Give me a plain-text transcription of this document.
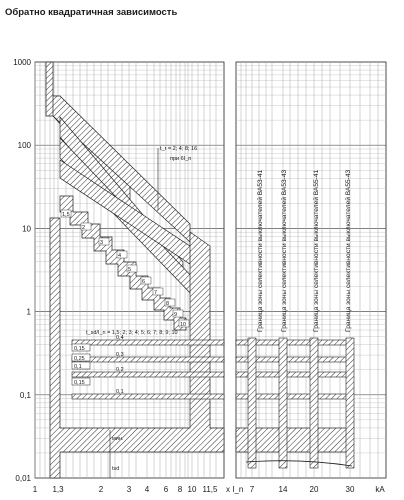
Обратно квадратичная зависимость
1000
100
10
1
0,1
0,01
1 1,3	2	3 4 6 8 10 11,5 x I_n 7	14	20	30	kA
0,4
0,3
0,2
0,1
0,15
0,25
0,1
0,15
Граница зоны селективности выключателей ВА53-41	Граница зоны селективности выключателей ВА53-43	Граница зоны селективности выключателей ВА55-41	Граница зоны селективности выключателей ВА55-43
t_r = 2; 4; 8; 16
при 6I_n
t_sd/I_n = 1,5; 2; 3; 4; 5; 6; 7; 8; 9; 10
мин.
tsd
1,5
2
3
4
5
6
7
8
9
10
